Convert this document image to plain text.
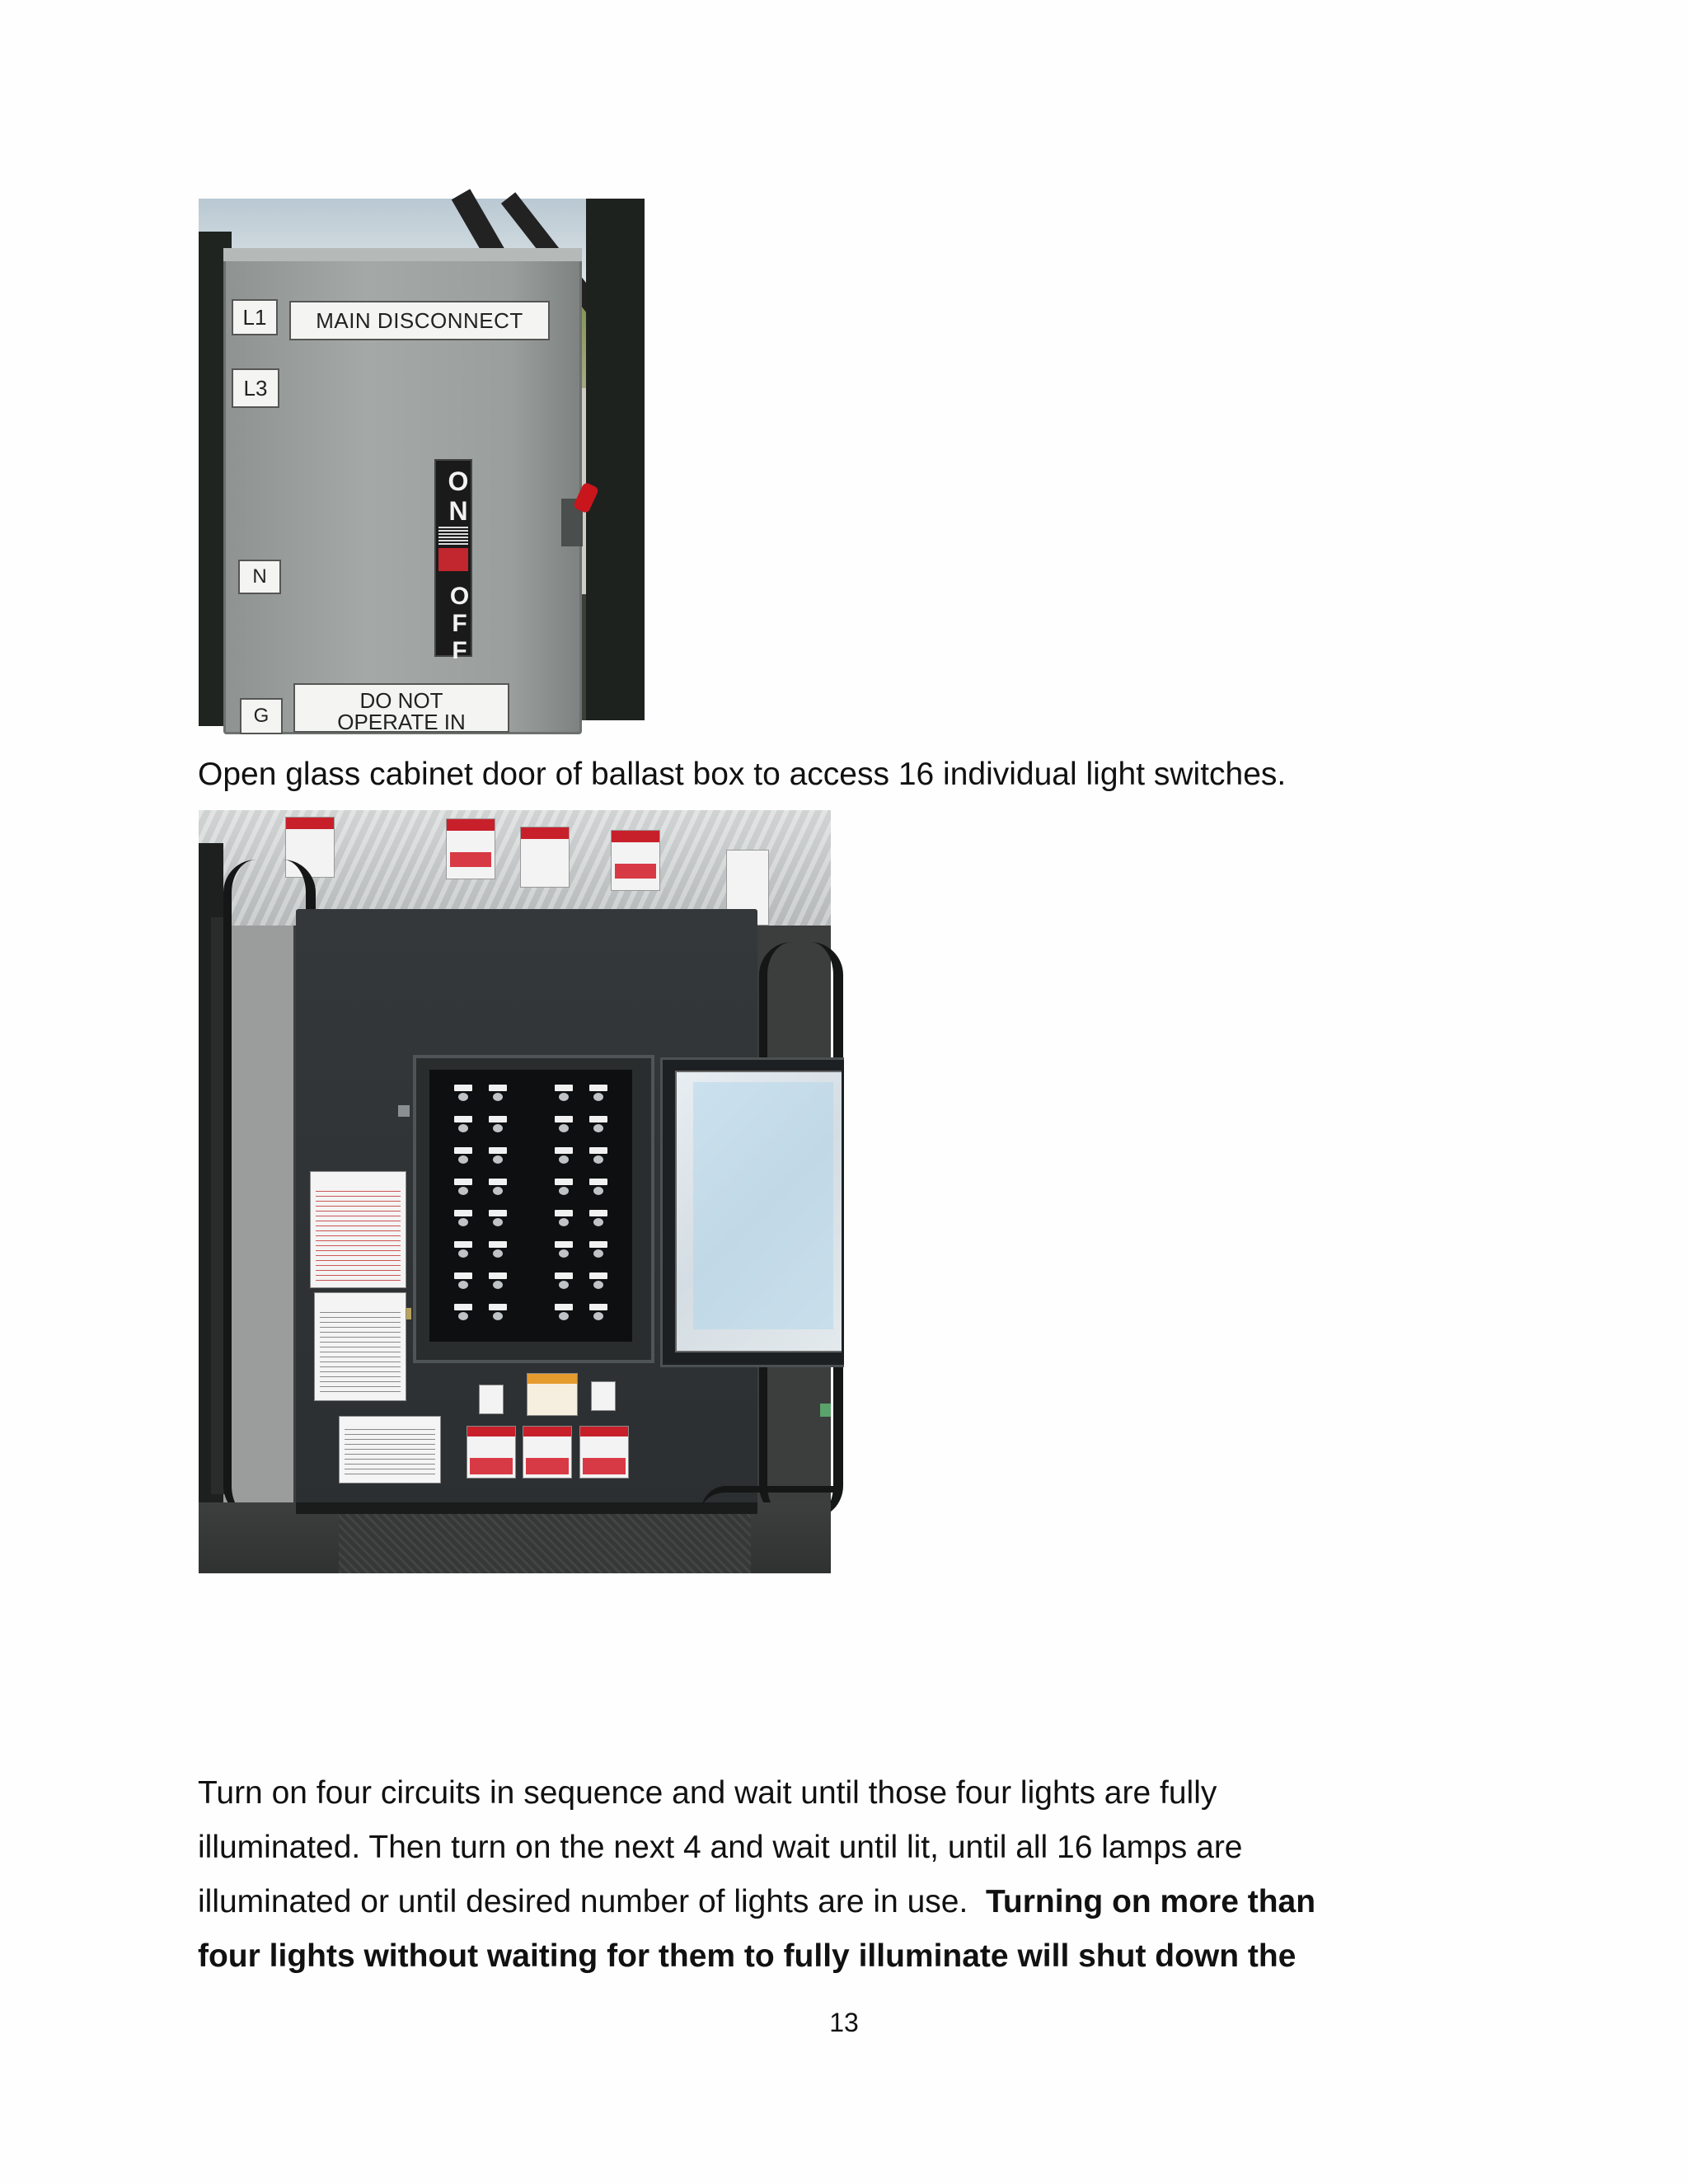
L1	MAIN DISCONNECT
L3
N
DO NOT
OPERATE IN
G
ON
OFF
Open glass cabinet door of ballast box to access 16 individual light switches.
Turn on four circuits in sequence and wait until those four lights are fully
illuminated. Then turn on the next 4 and wait until lit, until all 16 lamps are
illuminated or until desired number of lights are in use.  Turning on more than
four lights without waiting for them to fully illuminate will shut down the
13
